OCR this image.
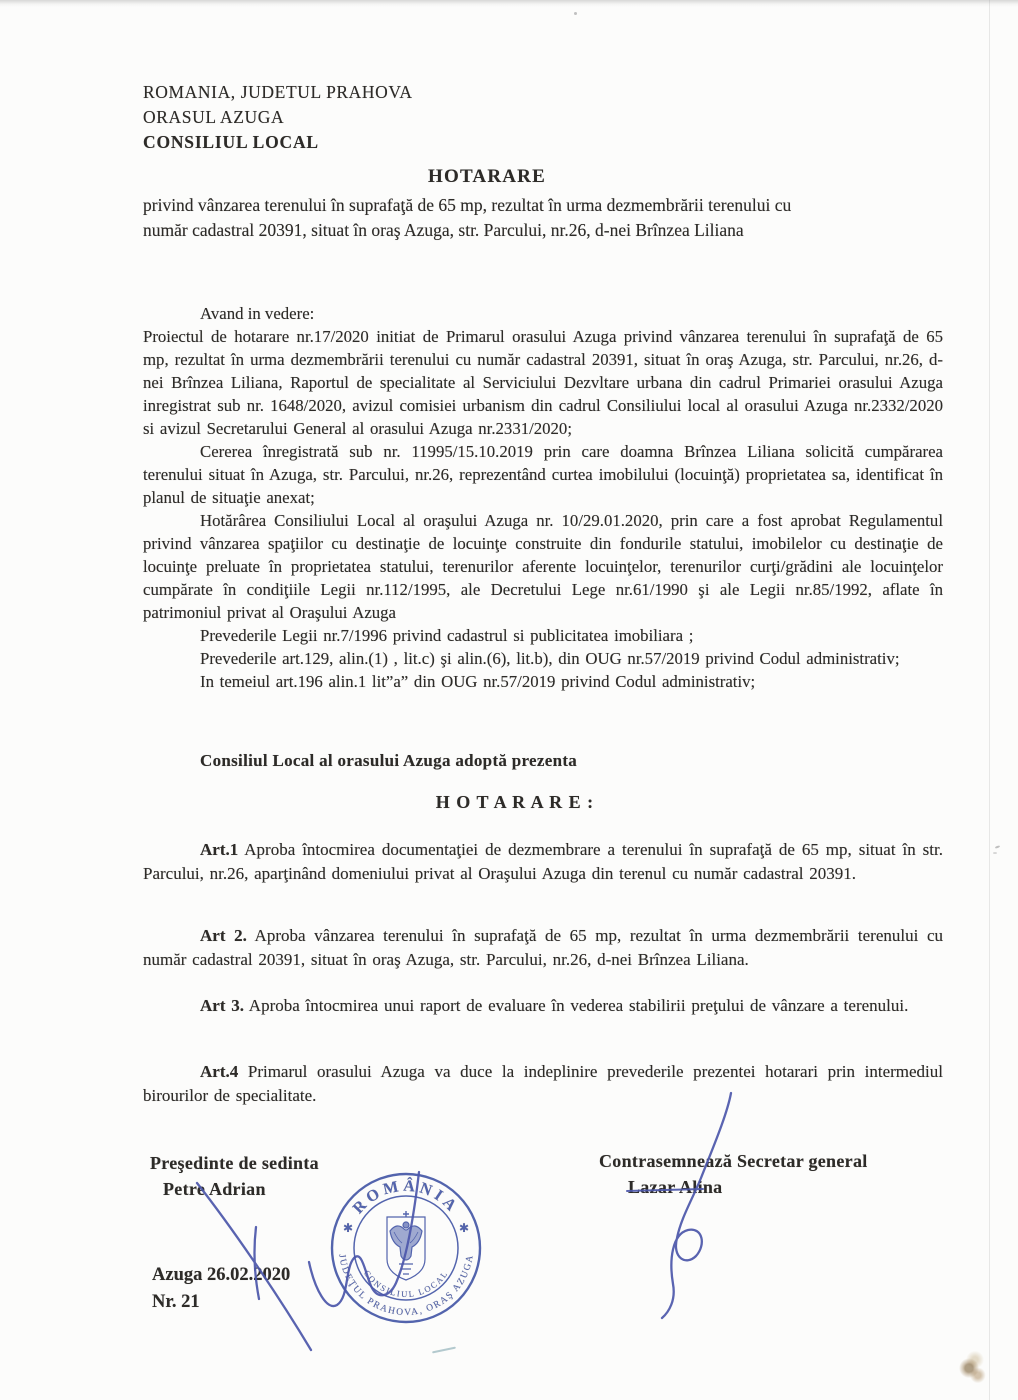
ROMANIA, JUDETUL PRAHOVA
ORASUL AZUGA
CONSILIUL LOCAL
HOTARARE
privind vânzarea terenului în suprafaţă de 65 mp, rezultat în urma dezmembrării terenului cu
număr cadastral 20391, situat în oraş Azuga, str. Parcului, nr.26, d-nei Brînzea Liliana

Avand in vedere:

Proiectul de hotarare nr.17/2020 initiat de Primarul orasului Azuga privind vânzarea terenului în suprafaţă de 65 mp, rezultat în urma dezmembrării terenului cu număr cadastral 20391, situat în oraş Azuga, str. Parcului, nr.26, d-nei Brînzea Liliana, Raportul de specialitate al Serviciului Dezvltare urbana din cadrul Primariei orasului Azuga inregistrat sub nr. 1648/2020, avizul comisiei urbanism din cadrul Consiliului local al orasului Azuga nr.2332/2020 si avizul Secretarului General al orasului Azuga nr.2331/2020;

Cererea înregistrată sub nr. 11995/15.10.2019 prin care doamna Brînzea Liliana solicită cumpărarea terenului situat în Azuga, str. Parcului, nr.26, reprezentând curtea imobilului (locuinţă) proprietatea sa, identificat în planul de situaţie anexat;

Hotărârea Consiliului Local al oraşului Azuga nr. 10/29.01.2020, prin care a fost aprobat Regulamentul privind vânzarea spaţiilor cu destinaţie de locuinţe construite din fondurile statului, imobilelor cu destinaţie de locuinţe preluate în proprietatea statului, terenurilor aferente locuinţelor, terenurilor curţi/grădini ale locuinţelor cumpărate în condiţiile Legii nr.112/1995, ale Decretului Lege nr.61/1990 şi ale Legii nr.85/1992, aflate în patrimoniul privat al Oraşului Azuga

Prevederile Legii nr.7/1996 privind cadastrul si publicitatea imobiliara ;

Prevederile art.129, alin.(1) , lit.c) şi alin.(6), lit.b), din OUG nr.57/2019 privind Codul administrativ;

In temeiul art.196 alin.1 lit”a” din OUG nr.57/2019 privind Codul administrativ;

Consiliul Local al orasului Azuga adoptă prezenta

H O T A R A R E :

Art.1 Aproba întocmirea documentaţiei de dezmembrare a terenului în suprafaţă de 65 mp, situat în str. Parcului, nr.26, aparţinând domeniului privat al Oraşului Azuga din terenul cu număr cadastral 20391.

Art 2. Aproba vânzarea terenului în suprafaţă de 65 mp, rezultat în urma dezmembrării terenului cu număr cadastral 20391, situat în oraş Azuga, str. Parcului, nr.26, d-nei Brînzea Liliana.

Art 3. Aproba întocmirea unui raport de evaluare în vederea stabilirii preţului de vânzare a terenului.

Art.4 Primarul orasului Azuga va duce la indeplinire prevederile prezentei hotarari prin intermediul birourilor de specialitate.

Preşedinte de sedinta
Petre Adrian
Contrasemnează Secretar general
Lazar Alina
Azuga 26.02.2020
Nr. 21
ROMÂNIA
✱	✱
JUDEŢUL PRAHOVA, ORAŞ AZUGA
CONSILIUL LOCAL
